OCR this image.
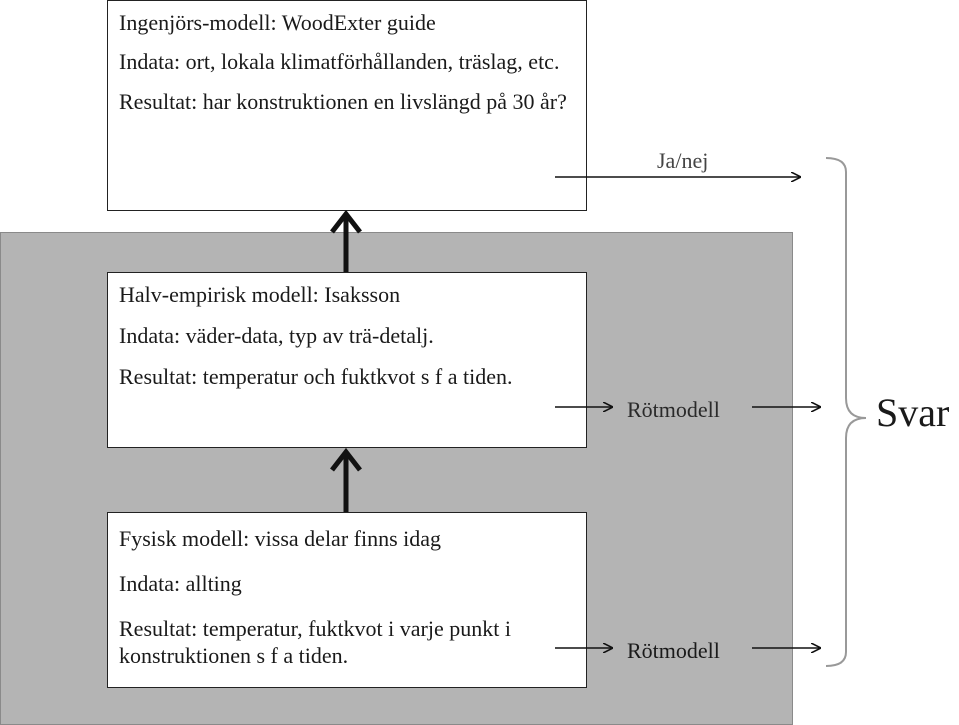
Ingenjörs-modell: WoodExter guide

Indata: ort, lokala klimatförhållanden, träslag, etc.

Resultat: har konstruktionen en livslängd på 30 år?

Halv-empirisk modell: Isaksson

Indata: väder-data, typ av trä-detalj.

Resultat: temperatur och fuktkvot s f a tiden.

Fysisk modell: vissa delar finns idag

Indata: allting

Resultat: temperatur, fuktkvot i varje punkt i konstruktionen s f a tiden.

Ja/nej
Rötmodell
Rötmodell
Svar
